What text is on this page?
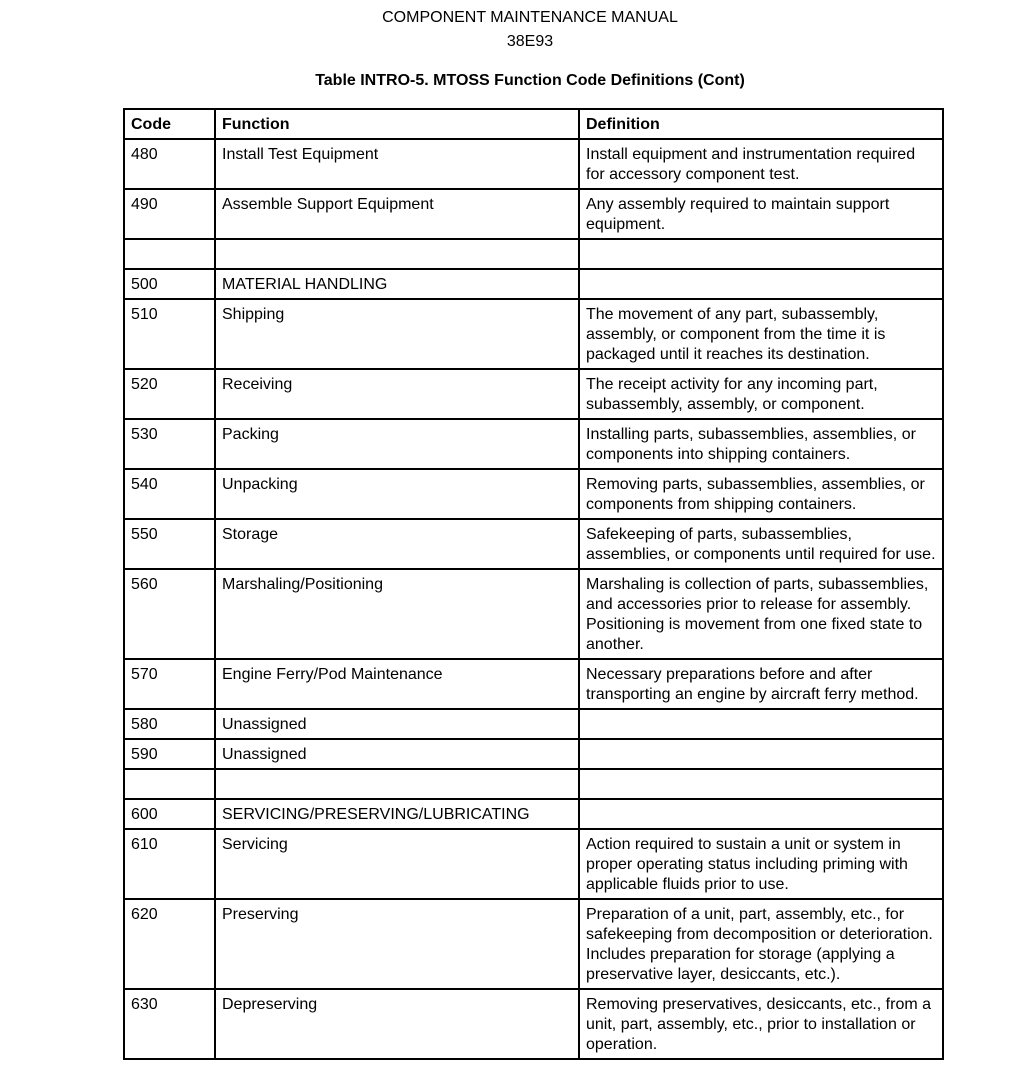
COMPONENT MAINTENANCE MANUAL
38E93
Table INTRO-5. MTOSS Function Code Definitions (Cont)
Code	Function	Definition
480	Install Test Equipment	Install equipment and instrumentation required for accessory component test.
490	Assemble Support Equipment	Any assembly required to maintain support equipment.

500	MATERIAL HANDLING	
510	Shipping	The movement of any part, subassembly, assembly, or component from the time it is packaged until it reaches its destination.
520	Receiving	The receipt activity for any incoming part, subassembly, assembly, or component.
530	Packing	Installing parts, subassemblies, assemblies, or components into shipping containers.
540	Unpacking	Removing parts, subassemblies, assemblies, or components from shipping containers.
550	Storage	Safekeeping of parts, subassemblies, assemblies, or components until required for use.
560	Marshaling/Positioning	Marshaling is collection of parts, subassemblies, and accessories prior to release for assembly. Positioning is movement from one fixed state to another.
570	Engine Ferry/Pod Maintenance	Necessary preparations before and after transporting an engine by aircraft ferry method.
580	Unassigned	
590	Unassigned	

600	SERVICING/PRESERVING/LUBRICATING	
610	Servicing	Action required to sustain a unit or system in proper operating status including priming with applicable fluids prior to use.
620	Preserving	Preparation of a unit, part, assembly, etc., for safekeeping from decomposition or deterioration. Includes preparation for storage (applying a preservative layer, desiccants, etc.).
630	Depreserving	Removing preservatives, desiccants, etc., from a unit, part, assembly, etc., prior to installation or operation.
